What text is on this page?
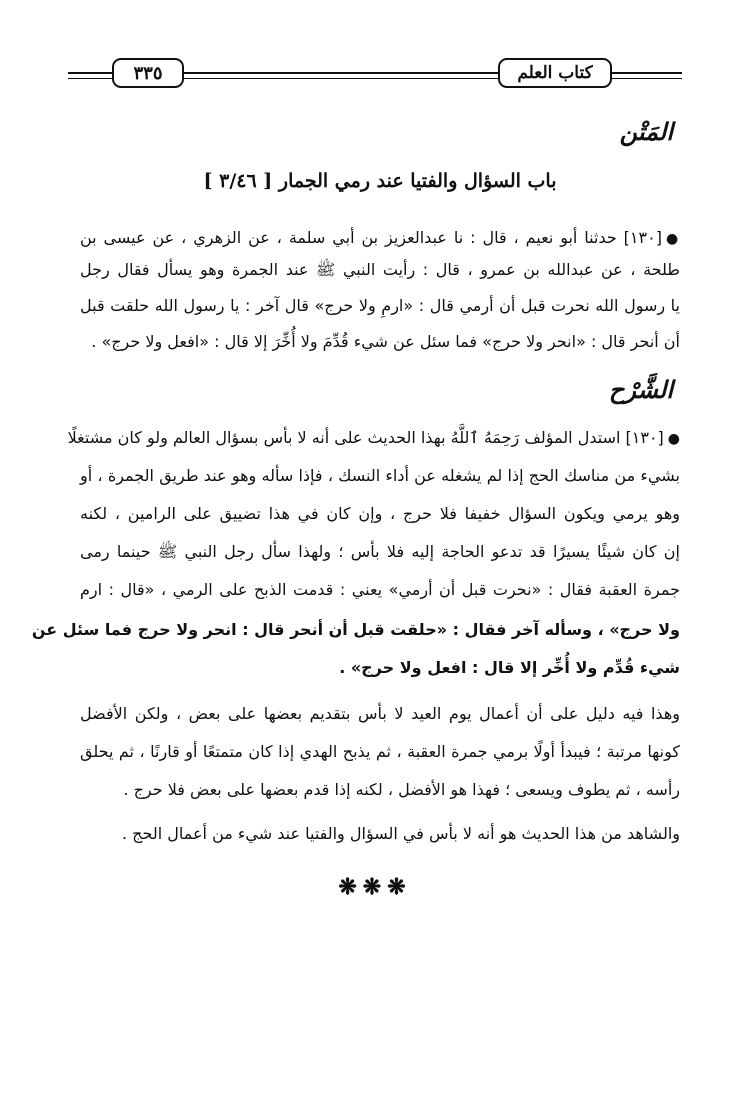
كتاب العلم
٣٣٥
المَتْن
[ ٣/٤٦ ] باب السؤال والفتيا عند رمي الجمار
●[١٣٠] حدثنا أبو نعيم ، قال : نا عبدالعزيز بن أبي سلمة ، عن الزهري ، عن عيسى بن
طلحة ، عن عبدالله بن عمرو ، قال : رأيت النبي ﷺ عند الجمرة وهو يسأل فقال رجل
يا رسول الله نحرت قبل أن أرمي قال : «ارمِ ولا حرج» قال آخر : يا رسول الله حلقت قبل
أن أنحر قال : «انحر ولا حرج» فما سئل عن شيء قُدِّمَ ولا أُخِّرَ إلا قال : «افعل ولا حرج» .
الشَّرْح
●[١٣٠] استدل المؤلف رَحِمَهُ ٱللَّهُ بهذا الحديث على أنه لا بأس بسؤال العالم ولو كان مشتغلًا
بشيء من مناسك الحج إذا لم يشغله عن أداء النسك ، فإذا سأله وهو عند طريق الجمرة ، أو
وهو يرمي ويكون السؤال خفيفا فلا حرج ، وإن كان في هذا تضييق على الرامين ، لكنه
إن كان شيئًا يسيرًا قد تدعو الحاجة إليه فلا بأس ؛ ولهذا سأل رجل النبي ﷺ حينما رمى
جمرة العقبة فقال : «نحرت قبل أن أرمي» يعني : قدمت الذبح على الرمي ، «قال : ارم
ولا حرج» ، وسأله آخر فقال : «حلقت قبل أن أنحر قال : انحر ولا حرج فما سئل عن
شيء قُدِّم ولا أُخِّر إلا قال : افعل ولا حرج» .
وهذا فيه دليل على أن أعمال يوم العيد لا بأس بتقديم بعضها على بعض ، ولكن الأفضل
كونها مرتبة ؛ فيبدأ أولًا برمي جمرة العقبة ، ثم يذبح الهدي إذا كان متمتعًا أو قارنًا ، ثم يحلق
رأسه ، ثم يطوف ويسعى ؛ فهذا هو الأفضل ، لكنه إذا قدم بعضها على بعض فلا حرج .
والشاهد من هذا الحديث هو أنه لا بأس في السؤال والفتيا عند شيء من أعمال الحج .
❋❋❋
